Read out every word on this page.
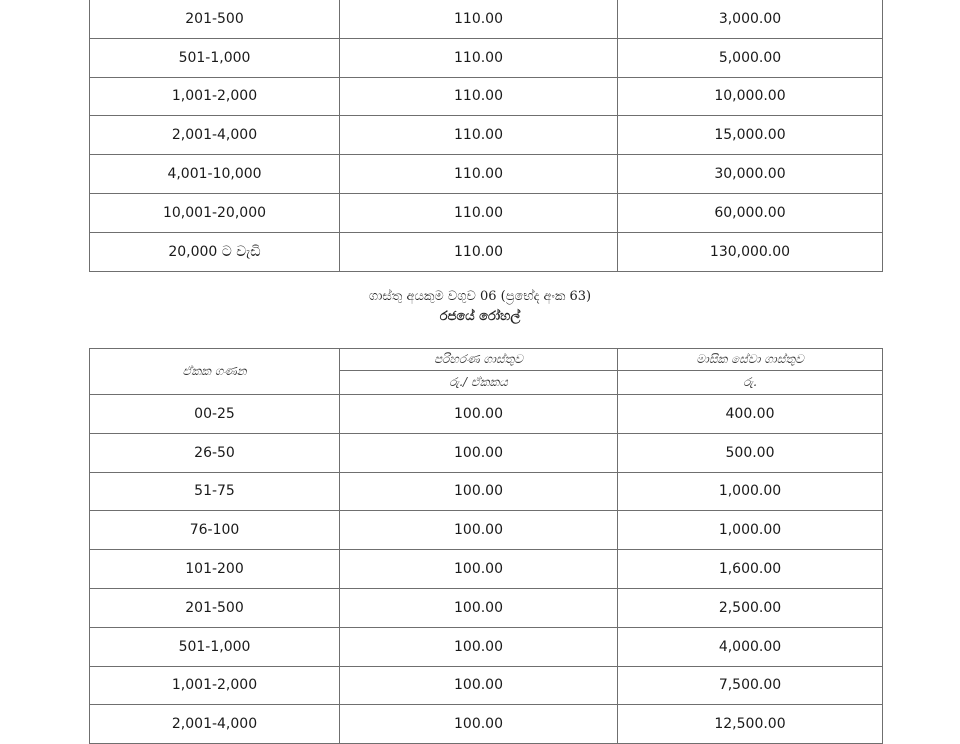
201-500	110.00	3,000.00
501-1,000	110.00	5,000.00
1,001-2,000	110.00	10,000.00
2,001-4,000	110.00	15,000.00
4,001-10,000	110.00	30,000.00
10,001-20,000	110.00	60,000.00
20,000 ට වැඩි	110.00	130,000.00
ගාස්තු අයකුම වගුව 06 (ප්‍රභේද අංක 63)
රජයේ රෝහල්
ඒකක ගණන	පරිහරණ ගාස්තුව	මාසික සේවා ගාස්තුව
	රු./ ඒකකය	රු.
00-25	100.00	400.00
26-50	100.00	500.00
51-75	100.00	1,000.00
76-100	100.00	1,000.00
101-200	100.00	1,600.00
201-500	100.00	2,500.00
501-1,000	100.00	4,000.00
1,001-2,000	100.00	7,500.00
2,001-4,000	100.00	12,500.00
